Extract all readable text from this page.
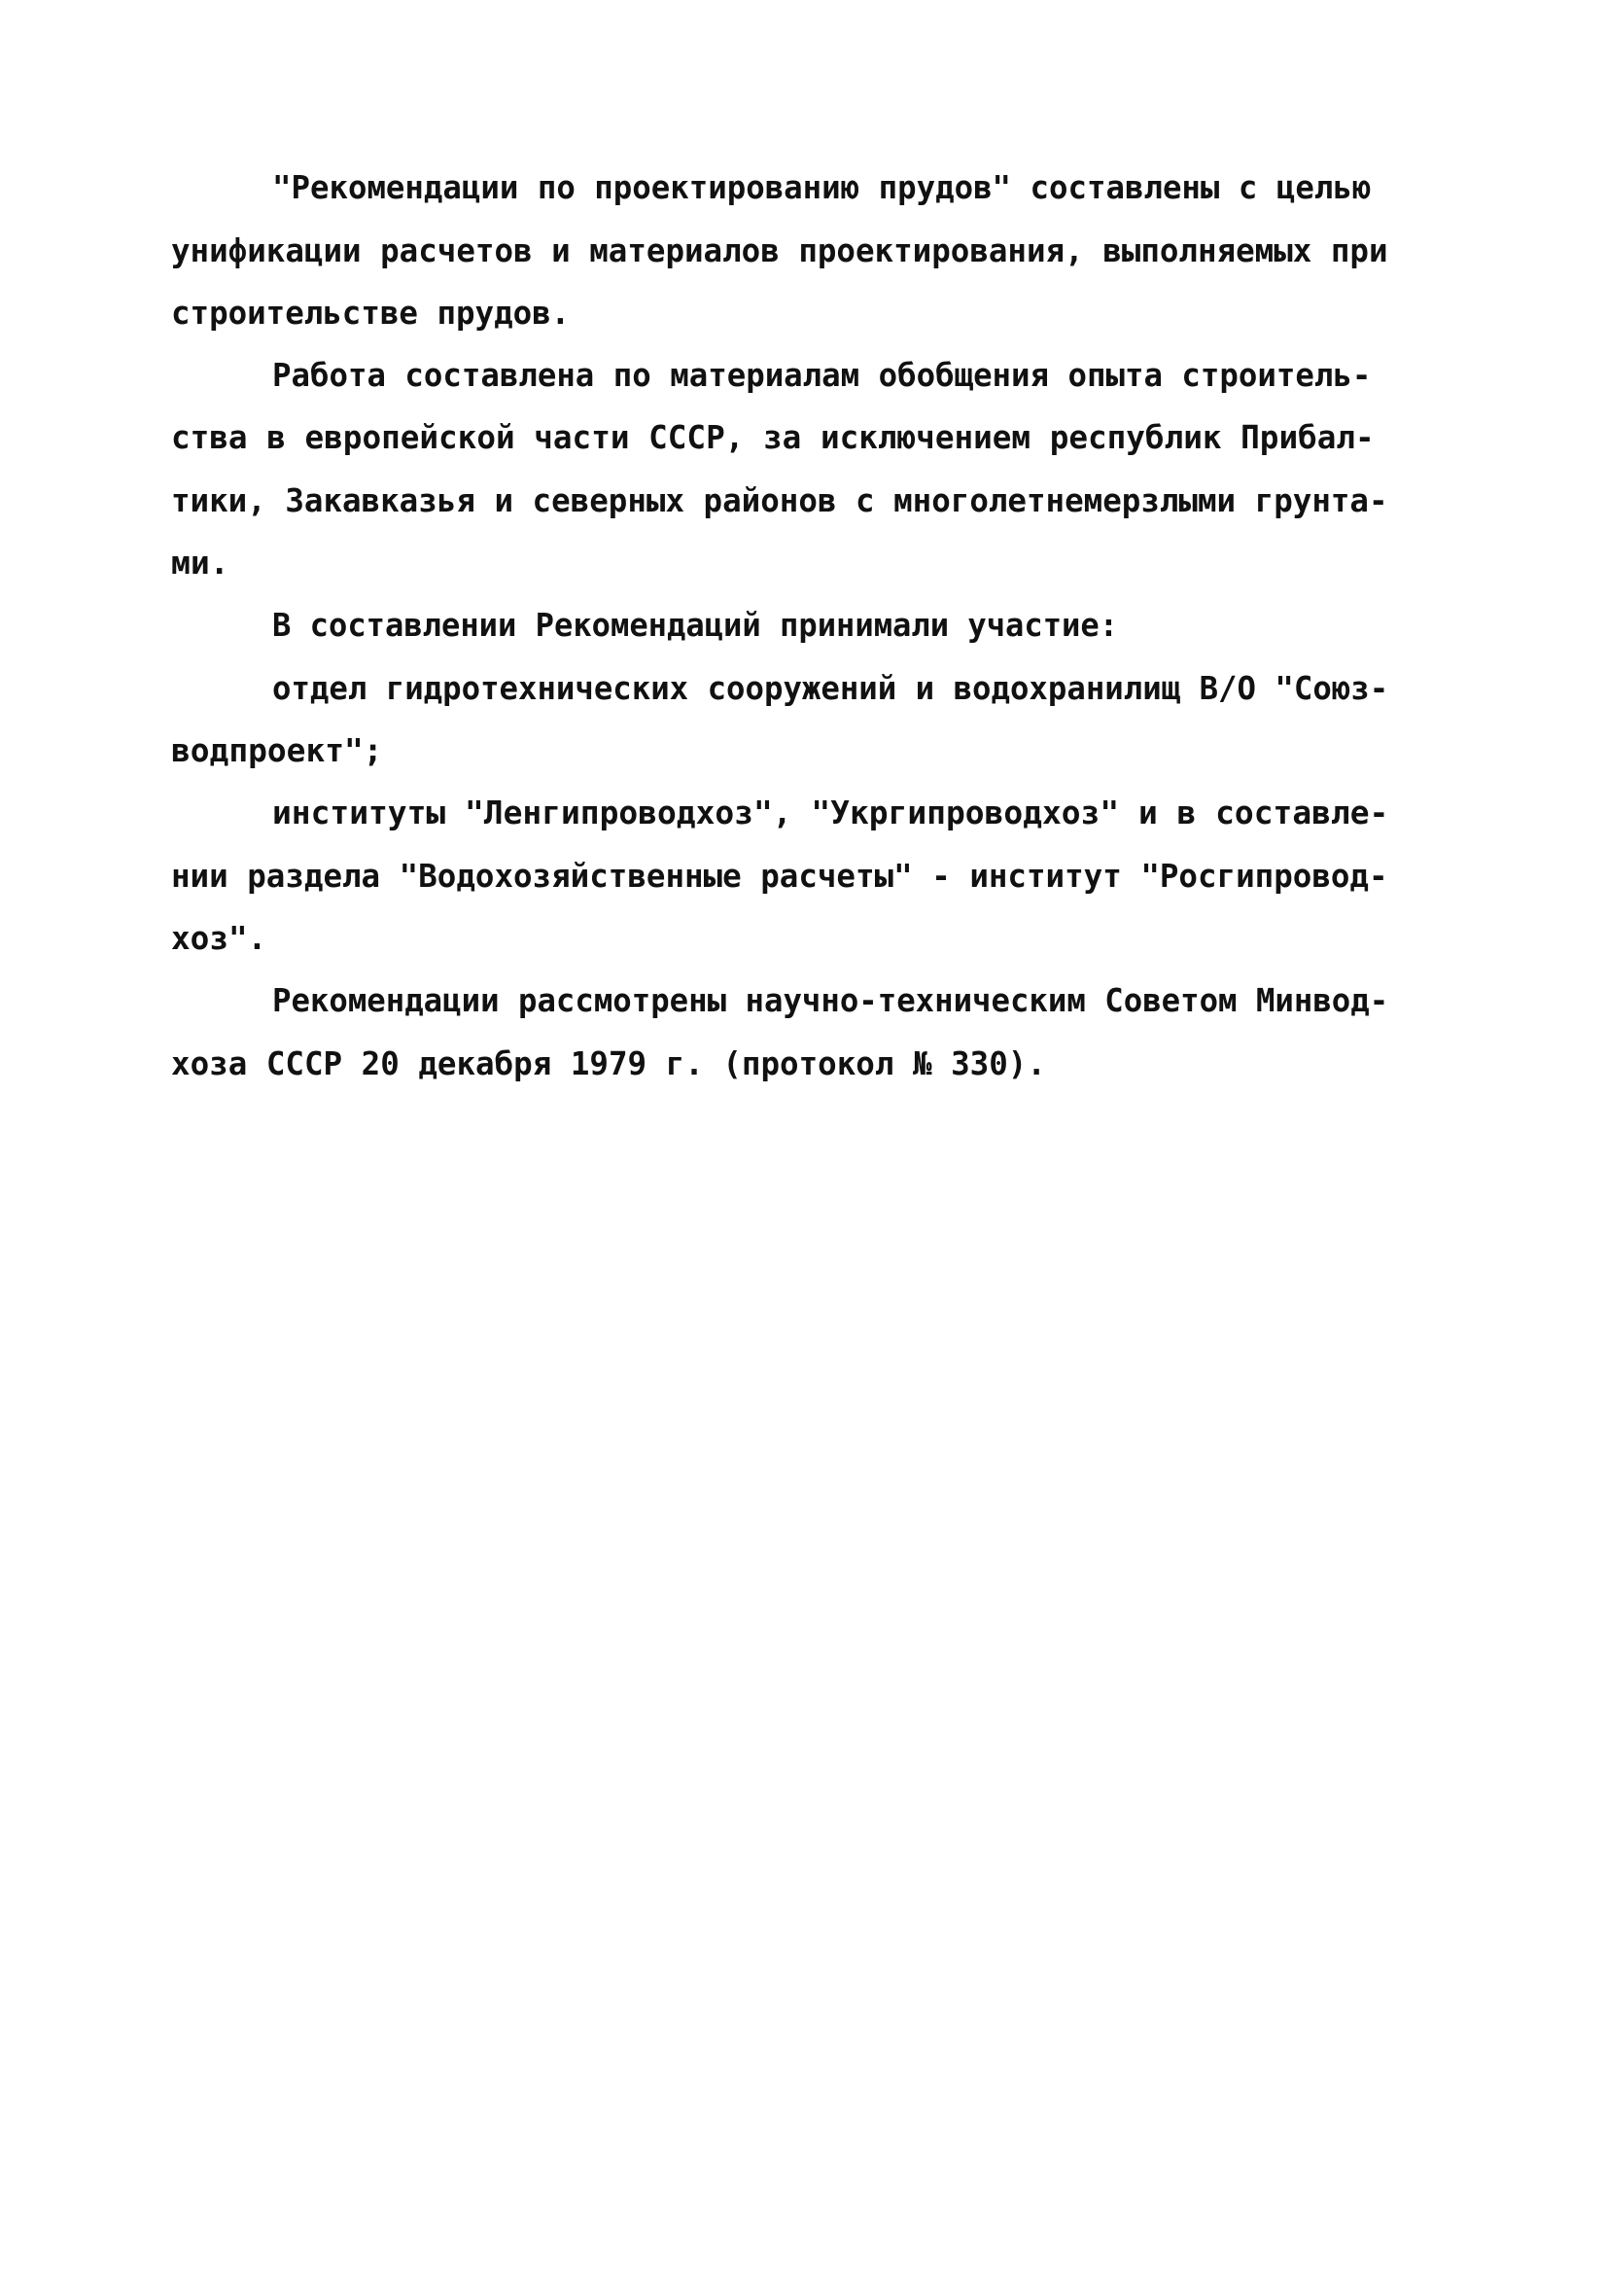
"Рекомендации по проектированию прудов" составлены с целью
унификации расчетов и материалов проектирования, выполняемых при
строительстве прудов.
Работа составлена по материалам обобщения опыта строитель-
ства в европейской части СССР, за исключением республик Прибал-
тики, Закавказья и северных районов с многолетнемерзлыми грунта-
ми.
В составлении Рекомендаций принимали участие:
отдел гидротехнических сооружений и водохранилищ В/О "Союз-
водпроект";
институты "Ленгипроводхоз", "Укргипроводхоз" и в составле-
нии раздела "Водохозяйственные расчеты" - институт "Росгипровод-
хоз".
Рекомендации рассмотрены научно-техническим Советом Минвод-
хоза СССР 20 декабря 1979 г. (протокол № 330).
